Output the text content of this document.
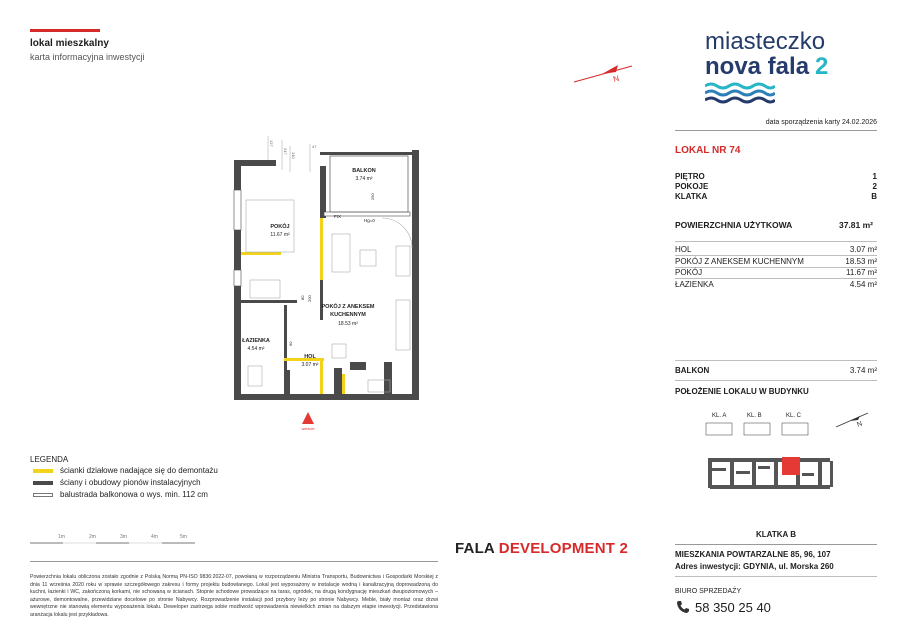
lokal mieszkalny
karta informacyjna inwestycji
N
miasteczko
nova fala 2
data sporządzenia karty 24.02.2026
LOKAL NR 74
PIĘTRO	1
POKOJE	2
KLATKA	B
POWIERZCHNIA UŻYTKOWA	37.81 m²
HOL	3.07 m²
POKÓJ Z ANEKSEM KUCHENNYM	18.53 m²
POKÓJ	11.67 m²
ŁAZIENKA	4.54 m²
BALKON	3.74 m²
POŁOŻENIE LOKALU W BUDYNKU
N
KL. A	KL. B	KL. C
KLATKA B
MIESZKANIA POWTARZALNE 85, 96, 107
Adres inwestycji: GDYNIA, ul. Morska 260
BIURO SPRZEDAŻY
58 350 25 40
137
247
140
47
BALKON
3.74 m²
POKÓJ
11.67 m²
POKÓJ Z ANEKSEM
KUCHENNYM
18.53 m²
ŁAZIENKA
4.54 m²
HOL
3.07 m²
FIX
Hg=0
80 200
90
250
wejście
LEGENDA
ścianki działowe nadające się do demontażu
ściany i obudowy pionów instalacyjnych
balustrada balkonowa o wys. min. 112 cm
1m	2m	3m	4m	5m
FALA DEVELOPMENT 2
Powierzchnia lokalu obliczona zostało zgodnie z Polską Normą PN-ISO 9836:2022-07, powołaną w rozporządzeniu Ministra Transportu, Budownictwa i Gospodarki Morskiej z dnia 11 września 2020 roku w sprawie szczegółowego zakresu i formy projektu budowlanego. Lokal jest wyposażony w instalacje wodną i kanalizacyjną doprowadzoną do kuchni, łazienki i WC, zakończoną korkami, nie schowaną w ścianach. Stopnie schodowe prowadzące na taras, ogródek, na drugą kondygnację mieszkań dwupoziomowych – ażurowe, demontowalne, przewidziane docelowe po stronie Nabywcy. Rozprowadzenie instalacji pod przybory leży po stronie Nabywcy. Meble, biały montaż oraz drzwi wewnętrzne nie stanowią elementu wyposażenia lokalu. Deweloper zastrzega sobie możliwość wprowadzenia niewielkich zmian na dalszym etapie inwestycji. Przedstawiona aranżacja lokalu jest przykładowa.
